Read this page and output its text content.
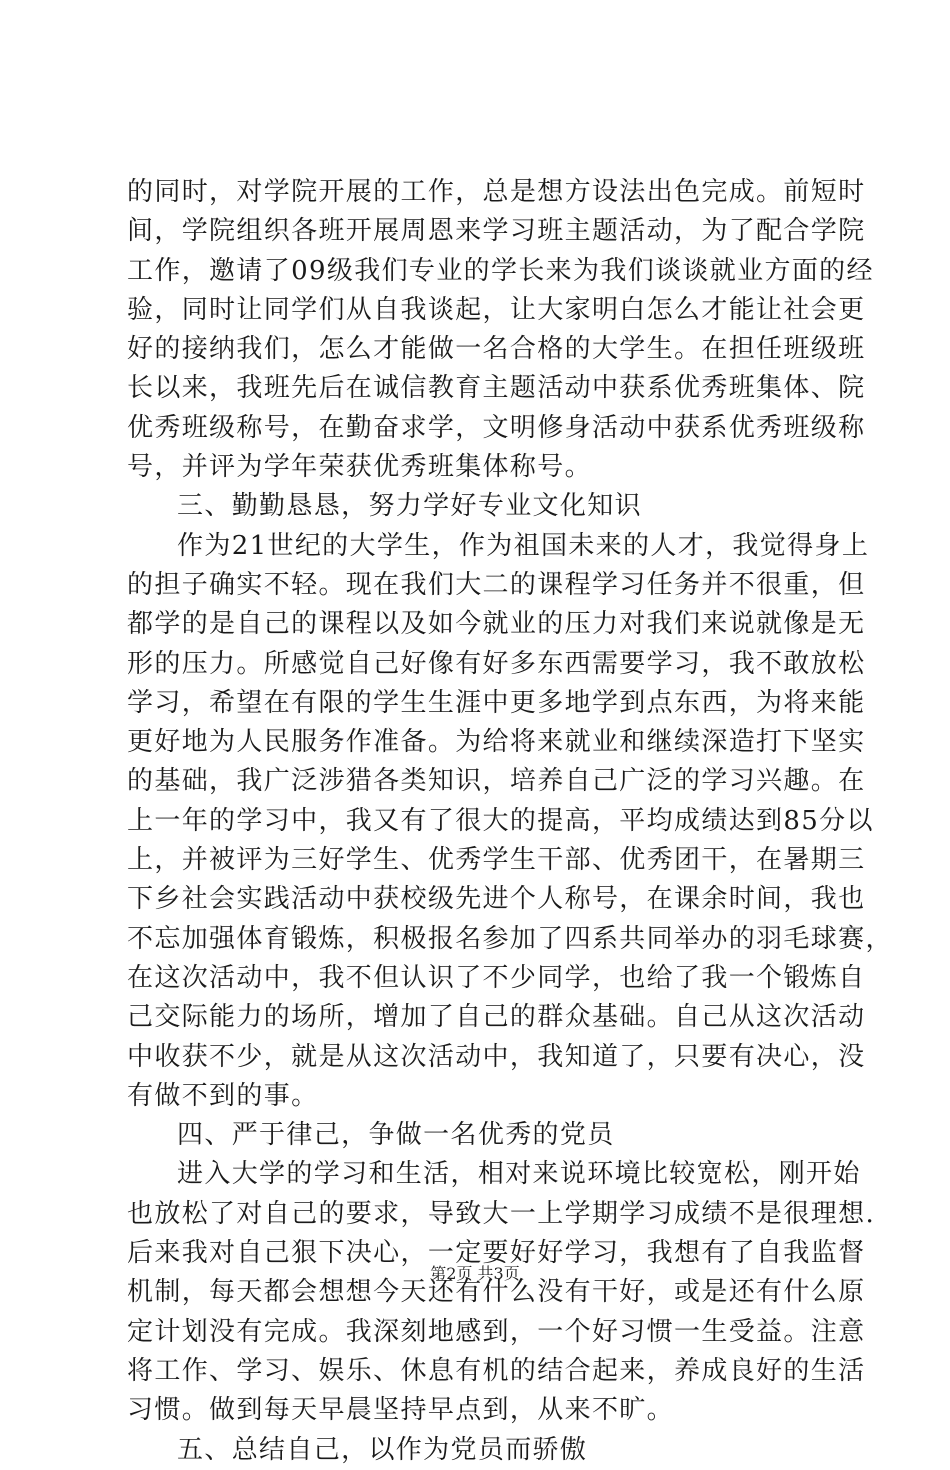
的同时，对学院开展的工作，总是想方设法出色完成。前短时
间，学院组织各班开展周恩来学习班主题活动，为了配合学院
工作，邀请了09级我们专业的学长来为我们谈谈就业方面的经
验，同时让同学们从自我谈起，让大家明白怎么才能让社会更
好的接纳我们，怎么才能做一名合格的大学生。在担任班级班
长以来，我班先后在诚信教育主题活动中获系优秀班集体、院
优秀班级称号，在勤奋求学，文明修身活动中获系优秀班级称
号，并评为学年荣获优秀班集体称号。
三、勤勤恳恳，努力学好专业文化知识
作为21世纪的大学生，作为祖国未来的人才，我觉得身上
的担子确实不轻。现在我们大二的课程学习任务并不很重，但
都学的是自己的课程以及如今就业的压力对我们来说就像是无
形的压力。所感觉自己好像有好多东西需要学习，我不敢放松
学习，希望在有限的学生生涯中更多地学到点东西，为将来能
更好地为人民服务作准备。为给将来就业和继续深造打下坚实
的基础，我广泛涉猎各类知识，培养自己广泛的学习兴趣。在
上一年的学习中，我又有了很大的提高，平均成绩达到85分以
上，并被评为三好学生、优秀学生干部、优秀团干，在暑期三
下乡社会实践活动中获校级先进个人称号，在课余时间，我也
不忘加强体育锻炼，积极报名参加了四系共同举办的羽毛球赛，
在这次活动中，我不但认识了不少同学，也给了我一个锻炼自
己交际能力的场所，增加了自己的群众基础。自己从这次活动
中收获不少，就是从这次活动中，我知道了，只要有决心，没
有做不到的事。
四、严于律己，争做一名优秀的党员
进入大学的学习和生活，相对来说环境比较宽松，刚开始
也放松了对自己的要求，导致大一上学期学习成绩不是很理想.
后来我对自己狠下决心，一定要好好学习，我想有了自我监督
机制，每天都会想想今天还有什么没有干好，或是还有什么原
定计划没有完成。我深刻地感到，一个好习惯一生受益。注意
将工作、学习、娱乐、休息有机的结合起来，养成良好的生活
习惯。做到每天早晨坚持早点到，从来不旷。
五、总结自己，以作为党员而骄傲
第2页 共3页
